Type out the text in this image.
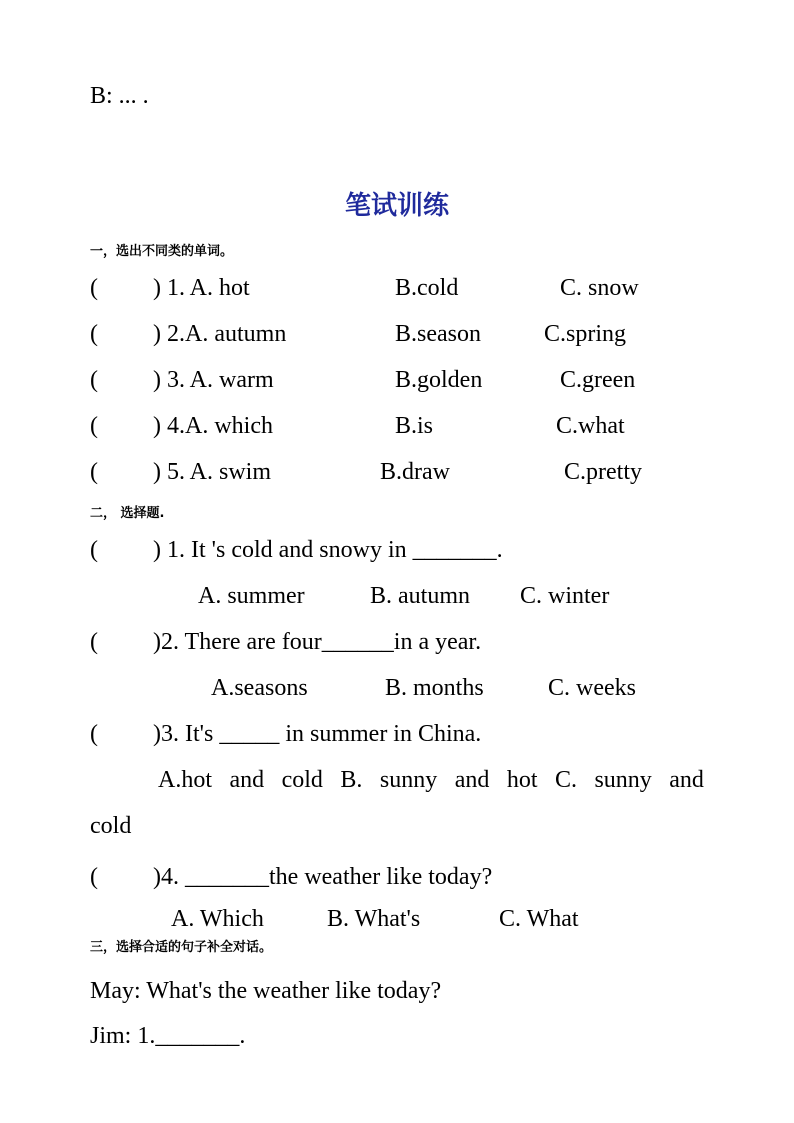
B: ... .
笔试训练
一，选出不同类的单词。
( ) 1. A. hot	B.cold	C. snow
( ) 2.A. autumn	B.season	C.spring
( ) 3. A. warm	B.golden	C.green
( ) 4.A. which	B.is	C.what
( ) 5. A. swim	B.draw	C.pretty
二， 选择题.
( ) 1. It 's cold and snowy in _______.
A. summer	B. autumn C. winter
( )2. There are four______in a year.
A.seasons	B. months	C. weeks
( )3. It's _____ in summer in China.
A.hot and cold B. sunny and hot C. sunny and
cold
( )4. _______the weather like today?
A. Which	B. What's	C. What
三，选择合适的句子补全对话。
May: What's the weather like today?
Jim: 1._______.
